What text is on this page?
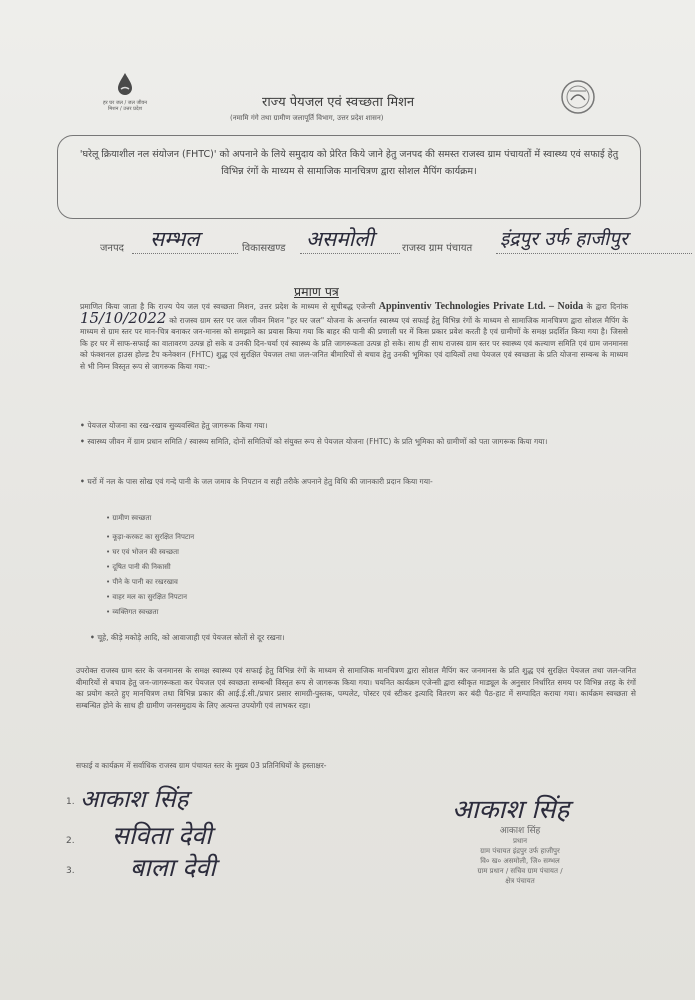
हर घर जल / जल जीवन मिशन / उत्तर प्रदेश	राज्य पेयजल एवं स्वच्छता मिशन
(नमामि गंगे तथा ग्रामीण जलापूर्ति विभाग, उत्तर प्रदेश शासन)
'घरेलू क्रियाशील नल संयोजन (FHTC)' को अपनाने के लिये समुदाय को प्रेरित किये जाने हेतु जनपद की समस्त राजस्व ग्राम पंचायतों में स्वास्थ्य एवं सफाई हेतु विभिन्न रंगों के माध्यम से सामाजिक मानचित्रण द्वारा सोशल मैपिंग कार्यक्रम।
जनपद सम्भल	विकासखण्ड असमोली	राजस्व ग्राम पंचायत इंद्रपुर उर्फ हाजीपुर
प्रमाण पत्र
प्रमाणित किया जाता है कि राज्य पेय जल एवं स्वच्छता मिशन, उत्तर प्रदेश के माध्यम से सूचीबद्ध एजेन्सी Appinventiv Technologies Private Ltd. – Noida के द्वारा दिनांक 15/10/2022 को राजस्व ग्राम स्तर पर जल जीवन मिशन "हर घर जल" योजना के अन्तर्गत स्वास्थ्य एवं सफाई हेतु विभिन्न रंगों के माध्यम से सामाजिक मानचित्रण द्वारा सोशल मैपिंग के माध्यम से ग्राम स्तर पर मान-चित्र बनाकर जन-मानस को समझाने का प्रयास किया गया कि बाहर की पानी की प्रणाली घर में किस प्रकार प्रवेश करती है एवं ग्रामीणों के समक्ष प्रदर्शित किया गया है। जिससे कि हर घर में साफ-सफाई का वातावरण उत्पन्न हो सके व उनकी दिन-चर्या एवं स्वास्थ्य के प्रति जागरूकता उत्पन्न हो सके। साथ ही साथ राजस्व ग्राम स्तर पर स्वास्थ्य एवं कल्याण समिति एवं ग्राम जनमानस को फंक्शनल हाउस होल्ड टैप कनेक्शन (FHTC) शुद्ध एवं सुरक्षित पेयजल तथा जल-जनित बीमारियों से बचाव हेतु उनकी भूमिका एवं दायित्वों तथा पेयजल एवं स्वच्छता के प्रति योजना सम्बन्ध के माध्यम से भी निम्न विस्तृत रूप से जागरूक किया गया:-
• पेयजल योजना का रख-रखाव सुव्यवस्थित हेतु जागरूक किया गया।
• स्वास्थ्य जीवन में ग्राम प्रधान समिति / स्वास्थ्य समिति, दोनों समितियों को संयुक्त रूप से पेयजल योजना (FHTC) के प्रति भूमिका को ग्रामीणों को पता जागरूक किया गया।
• घरों में नल के पास सोख एवं गन्दे पानी के जल जमाव के निपटान व सही तरीके अपनाने हेतु विधि की जानकारी प्रदान किया गया-
• ग्रामीण स्वच्छता
• कूड़ा-करकट का सुरक्षित निपटान
• घर एवं भोजन की स्वच्छता
• दूषित पानी की निकासी
• पीने के पानी का रखरखाव
• वाहर मल का सुरक्षित निपटान
• व्यक्तिगत स्वच्छता
• चूहे, कीड़े मकोड़े आदि, को आवाजाही एवं पेयजल स्रोतों से दूर रखना।
उपरोक्त राजस्व ग्राम स्तर के जनमानस के समक्ष स्वास्थ्य एवं सफाई हेतु विभिन्न रंगों के माध्यम से सामाजिक मानचित्रण द्वारा सोशल मैपिंग कर जनमानस के प्रति शुद्ध एवं सुरक्षित पेयजल तथा जल-जनित बीमारियों से बचाव हेतु जन-जागरूकता कर पेयजल एवं स्वच्छता सम्बन्धी विस्तृत रूप से जागरूक किया गया। चयनित कार्यक्रम एजेन्सी द्वारा स्वीकृत माड्यूल के अनुसार निर्धारित समय पर विभिन्न तरह के रंगों का प्रयोग करते हुए मानचित्रण तथा विभिन्न प्रकार की आई.ई.सी./प्रचार प्रसार सामग्री-पुस्तक, पम्पलेट, पोस्टर एवं स्टीकर इत्यादि वितरण कर बंदी पैठ-हाट में सम्पादित कराया गया। कार्यक्रम स्वच्छता से सम्बन्धित होने के साथ ही ग्रामीण जनसमुदाय के लिए अत्यन्त उपयोगी एवं लाभकर रहा।
सफाई व कार्यक्रम में सर्वाधिक राजस्व ग्राम पंचायत स्तर के मुख्य 03 प्रतिनिधियों के हस्ताक्षर-
1. आकाश सिंह
2. सविता देवी
3. बाला देवी
आकाश सिंह
आकाश सिंह
प्रधान
ग्राम पंचायत इंद्रपुर उर्फ हाजीपुर
वि० ख० असमोली, जि० सम्भल
ग्राम प्रधान / सचिव ग्राम पंचायत /
क्षेत्र पंचायत
